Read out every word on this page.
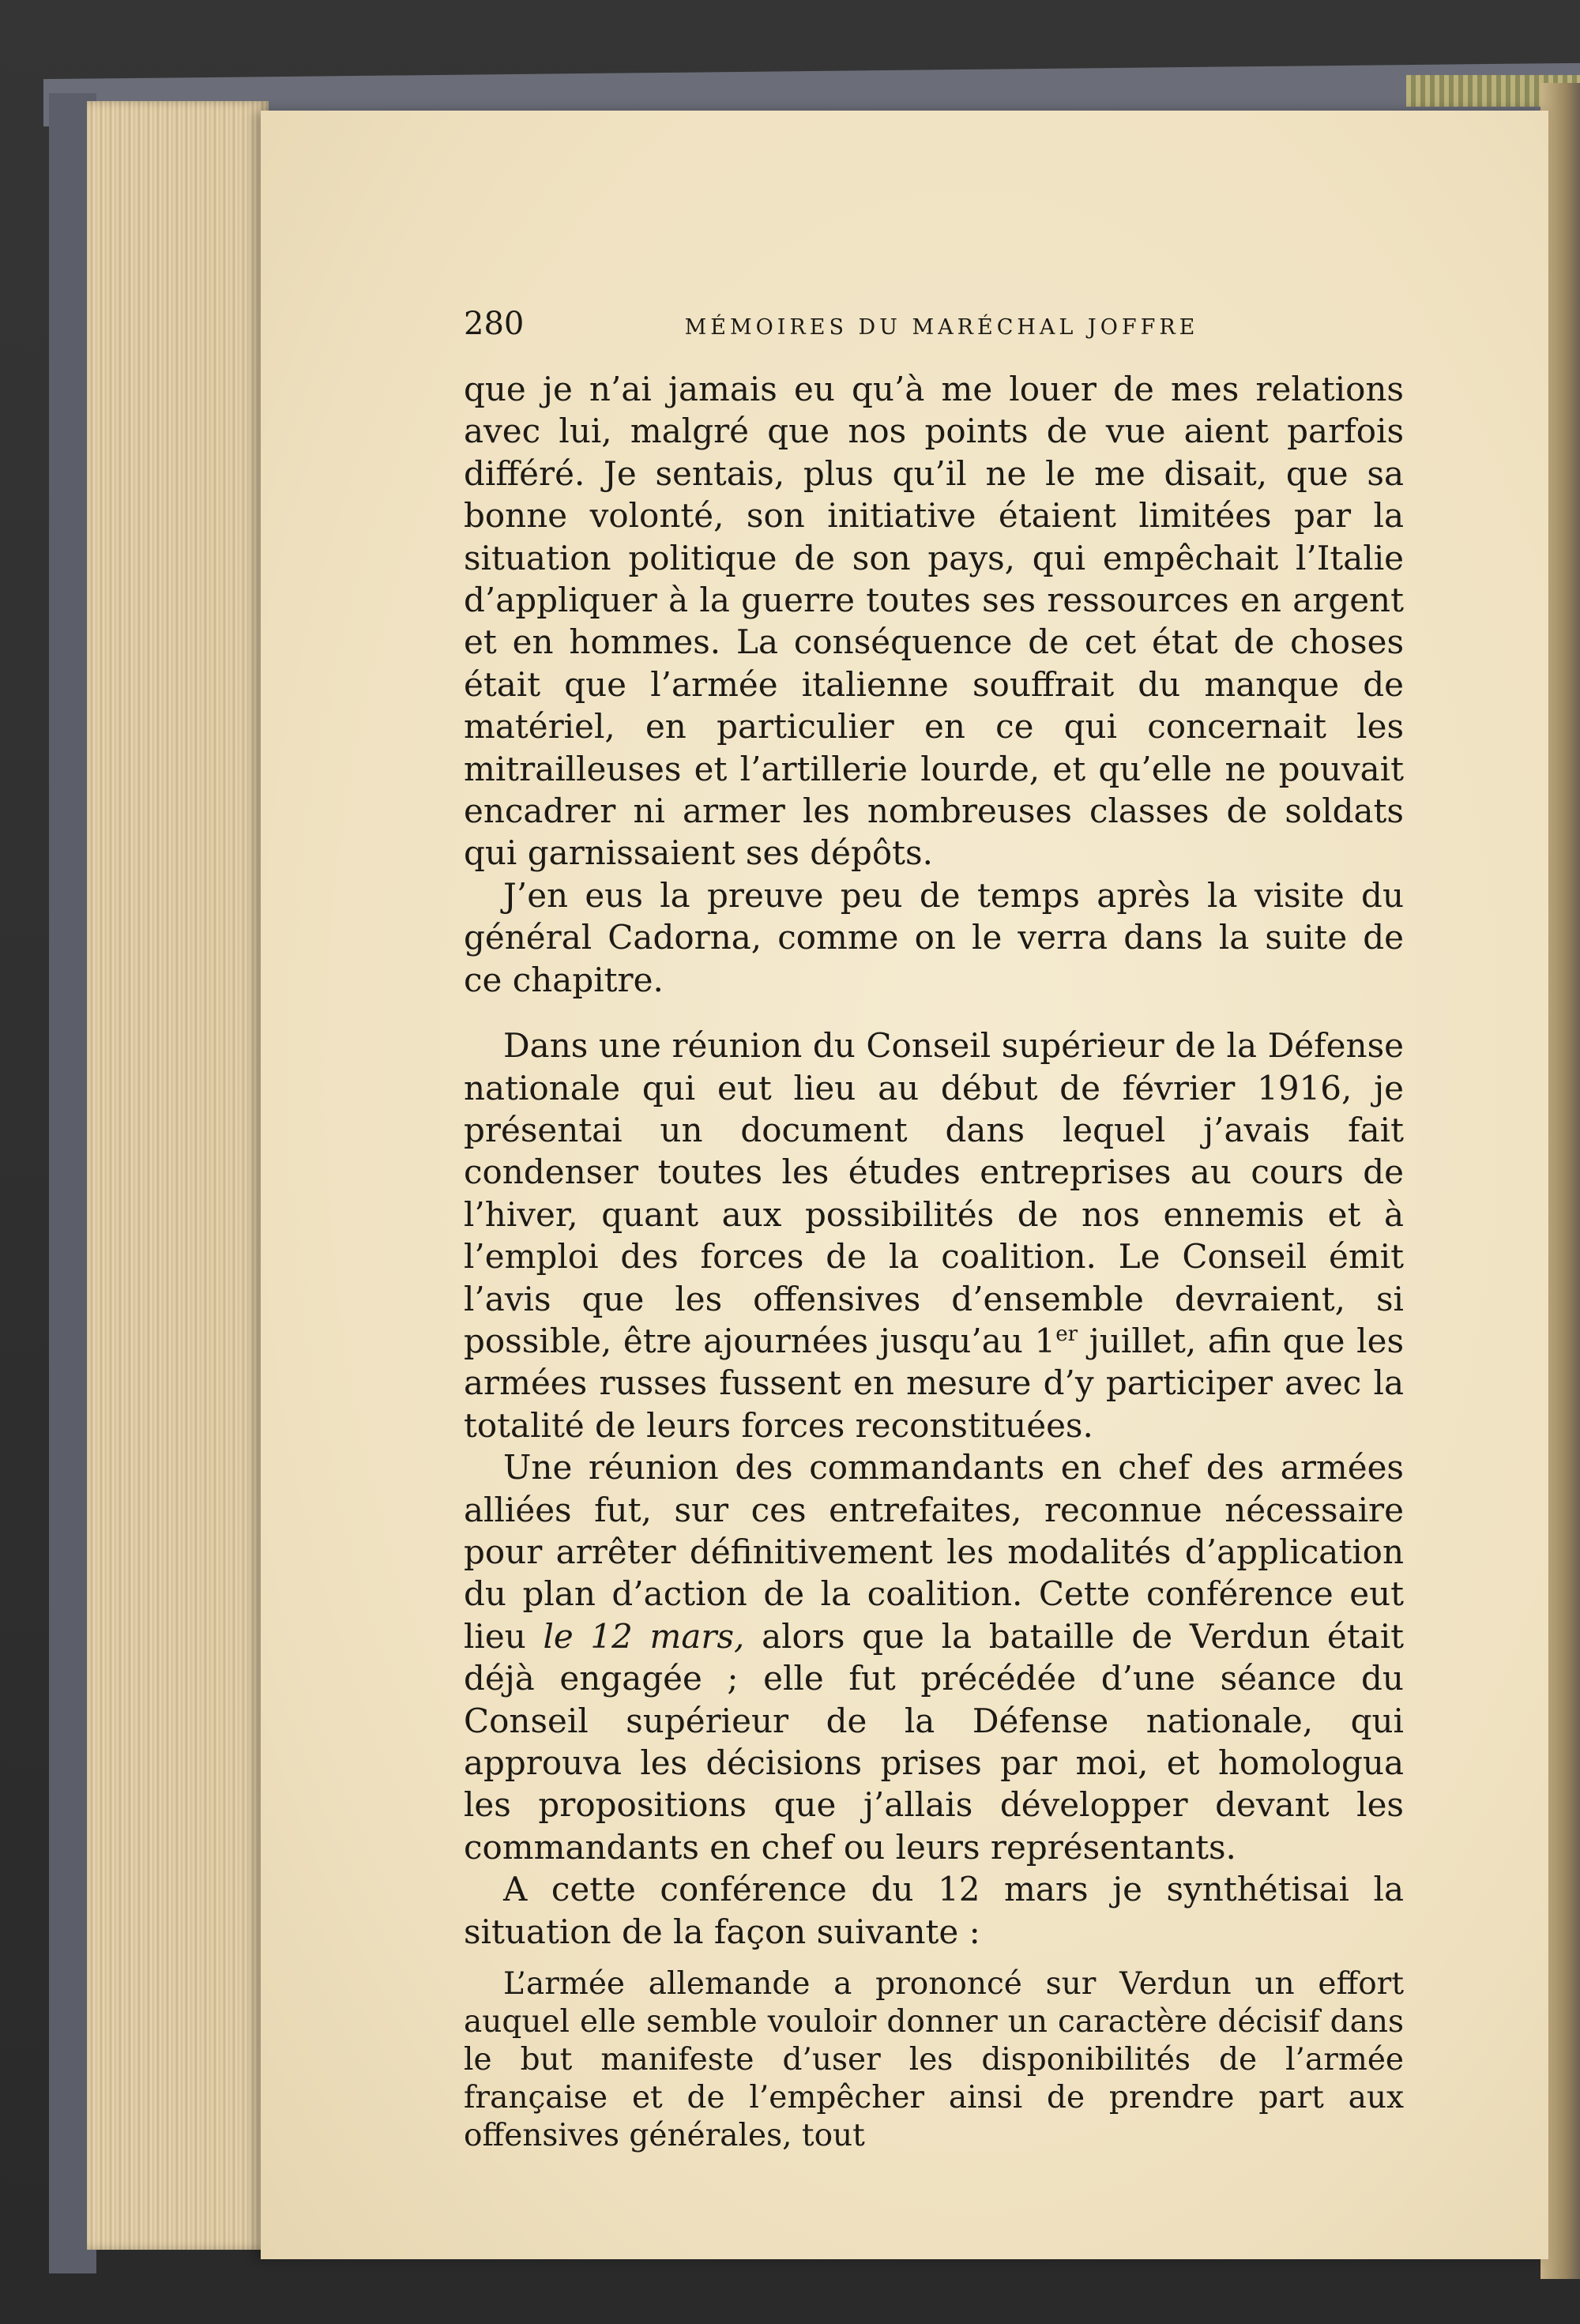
280	MÉMOIRES DU MARÉCHAL JOFFRE

que je n’ai jamais eu qu’à me louer de mes relations avec lui, malgré que nos points de vue aient parfois différé. Je sentais, plus qu’il ne le me disait, que sa bonne volonté, son initiative étaient limitées par la situation politique de son pays, qui empêchait l’Italie d’appliquer à la guerre toutes ses ressources en argent et en hommes. La conséquence de cet état de choses était que l’armée italienne souffrait du manque de matériel, en particulier en ce qui concernait les mitrailleuses et l’artillerie lourde, et qu’elle ne pouvait encadrer ni armer les nombreuses classes de soldats qui garnissaient ses dépôts.

J’en eus la preuve peu de temps après la visite du général Cadorna, comme on le verra dans la suite de ce chapitre.

Dans une réunion du Conseil supérieur de la Défense nationale qui eut lieu au début de février 1916, je présentai un document dans lequel j’avais fait condenser toutes les études entreprises au cours de l’hiver, quant aux possibilités de nos ennemis et à l’emploi des forces de la coalition. Le Conseil émit l’avis que les offensives d’ensemble devraient, si possible, être ajournées jusqu’au 1er juillet, afin que les armées russes fussent en mesure d’y participer avec la totalité de leurs forces reconstituées.

Une réunion des commandants en chef des armées alliées fut, sur ces entrefaites, reconnue nécessaire pour arrêter définitivement les modalités d’application du plan d’action de la coalition. Cette conférence eut lieu le 12 mars, alors que la bataille de Verdun était déjà engagée ; elle fut précédée d’une séance du Conseil supérieur de la Défense nationale, qui approuva les décisions prises par moi, et homologua les propositions que j’allais développer devant les commandants en chef ou leurs représentants.

A cette conférence du 12 mars je synthétisai la situation de la façon suivante :

L’armée allemande a prononcé sur Verdun un effort auquel elle semble vouloir donner un caractère décisif dans le but manifeste d’user les disponibilités de l’armée française et de l’empêcher ainsi de prendre part aux offensives générales, tout
